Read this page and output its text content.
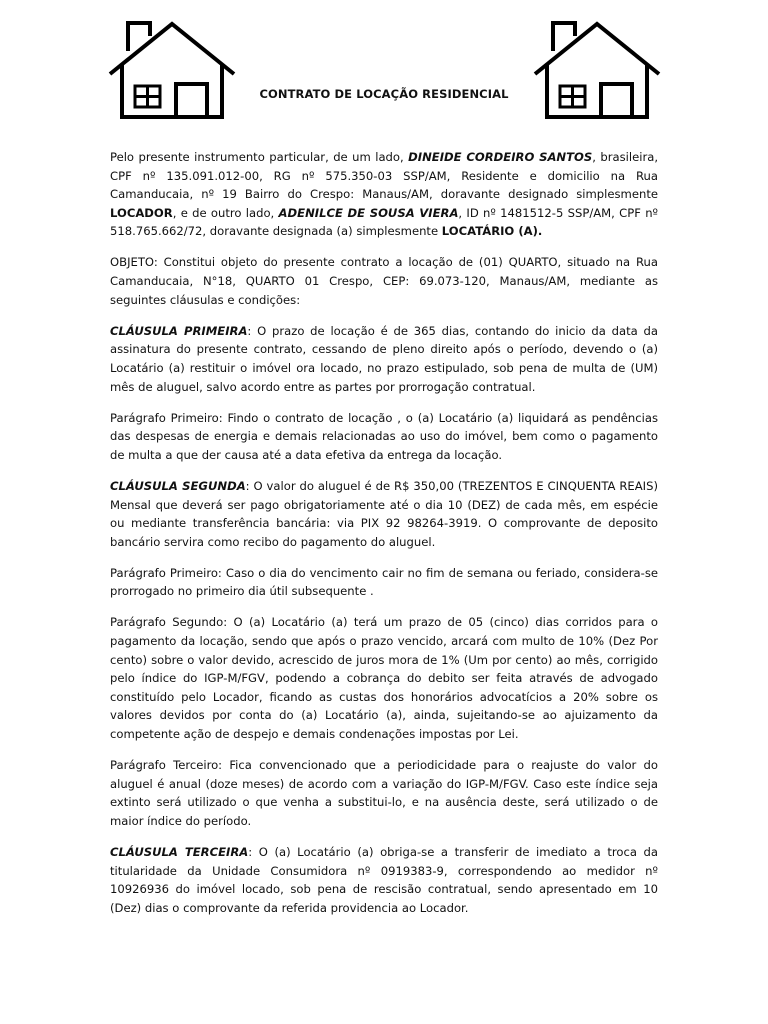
CONTRATO DE LOCAÇÃO RESIDENCIAL

Pelo presente instrumento particular, de um lado, DINEIDE CORDEIRO SANTOS, brasileira, CPF nº 135.091.012-00, RG nº 575.350-03 SSP/AM, Residente e domicilio na Rua Camanducaia, nº 19 Bairro do Crespo: Manaus/AM, doravante designado simplesmente LOCADOR, e de outro lado, ADENILCE DE SOUSA VIERA, ID nº 1481512-5 SSP/AM, CPF nº 518.765.662/72, doravante designada (a) simplesmente LOCATÁRIO (A).

OBJETO: Constitui objeto do presente contrato a locação de (01) QUARTO, situado na Rua Camanducaia, N°18, QUARTO 01 Crespo, CEP: 69.073-120, Manaus/AM, mediante as seguintes cláusulas e condições:

CLÁUSULA PRIMEIRA: O prazo de locação é de 365 dias, contando do inicio da data da assinatura do presente contrato, cessando de pleno direito após o período, devendo o (a) Locatário (a) restituir o imóvel ora locado, no prazo estipulado, sob pena de multa de (UM) mês de aluguel, salvo acordo entre as partes por prorrogação contratual.

Parágrafo Primeiro: Findo o contrato de locação , o (a) Locatário (a) liquidará as pendências das despesas de energia e demais relacionadas ao uso do imóvel, bem como o pagamento de multa a que der causa até a data efetiva da entrega da locação.

CLÁUSULA SEGUNDA: O valor do aluguel é de R$ 350,00 (TREZENTOS E CINQUENTA REAIS) Mensal que deverá ser pago obrigatoriamente até o dia 10 (DEZ) de cada mês, em espécie ou mediante transferência bancária: via PIX 92 98264-3919. O comprovante de deposito bancário servira como recibo do pagamento do aluguel.

Parágrafo Primeiro: Caso o dia do vencimento cair no fim de semana ou feriado, considera-se prorrogado no primeiro dia útil subsequente .

Parágrafo Segundo: O (a) Locatário (a) terá um prazo de 05 (cinco) dias corridos para o pagamento da locação, sendo que após o prazo vencido, arcará com multo de 10% (Dez Por cento) sobre o valor devido, acrescido de juros mora de 1% (Um por cento) ao mês, corrigido pelo índice do IGP-M/FGV, podendo a cobrança do debito ser feita através de advogado constituído pelo Locador, ficando as custas dos honorários advocatícios a 20% sobre os valores devidos por conta do (a) Locatário (a), ainda, sujeitando-se ao ajuizamento da competente ação de despejo e demais condenações impostas por Lei.

Parágrafo Terceiro: Fica convencionado que a periodicidade para o reajuste do valor do aluguel é anual (doze meses) de acordo com a variação do IGP-M/FGV. Caso este índice seja extinto será utilizado o que venha a substitui-lo, e na ausência deste, será utilizado o de maior índice do período.

CLÁUSULA TERCEIRA: O (a) Locatário (a) obriga-se a transferir de imediato a troca da titularidade da Unidade Consumidora nº 0919383-9, correspondendo ao medidor nº 10926936 do imóvel locado, sob pena de rescisão contratual, sendo apresentado em 10 (Dez) dias o comprovante da referida providencia ao Locador.
